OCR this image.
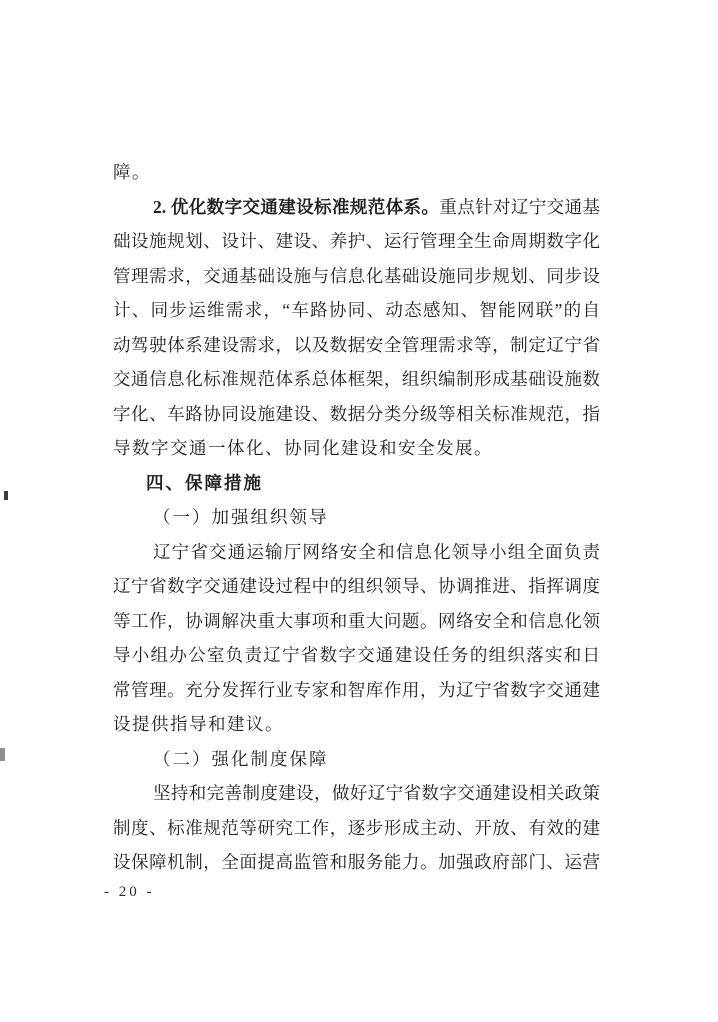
障。
2. 优化数字交通建设标准规范体系。重点针对辽宁交通基
础设施规划、设计、建设、养护、运行管理全生命周期数字化
管理需求，交通基础设施与信息化基础设施同步规划、同步设
计、同步运维需求，“车路协同、动态感知、智能网联”的自
动驾驶体系建设需求，以及数据安全管理需求等，制定辽宁省
交通信息化标准规范体系总体框架，组织编制形成基础设施数
字化、车路协同设施建设、数据分类分级等相关标准规范，指
导数字交通一体化、协同化建设和安全发展。
四、保障措施
（一）加强组织领导
辽宁省交通运输厅网络安全和信息化领导小组全面负责
辽宁省数字交通建设过程中的组织领导、协调推进、指挥调度
等工作，协调解决重大事项和重大问题。网络安全和信息化领
导小组办公室负责辽宁省数字交通建设任务的组织落实和日
常管理。充分发挥行业专家和智库作用，为辽宁省数字交通建
设提供指导和建议。
（二）强化制度保障
坚持和完善制度建设，做好辽宁省数字交通建设相关政策
制度、标准规范等研究工作，逐步形成主动、开放、有效的建
设保障机制，全面提高监管和服务能力。加强政府部门、运营
- 20 -
